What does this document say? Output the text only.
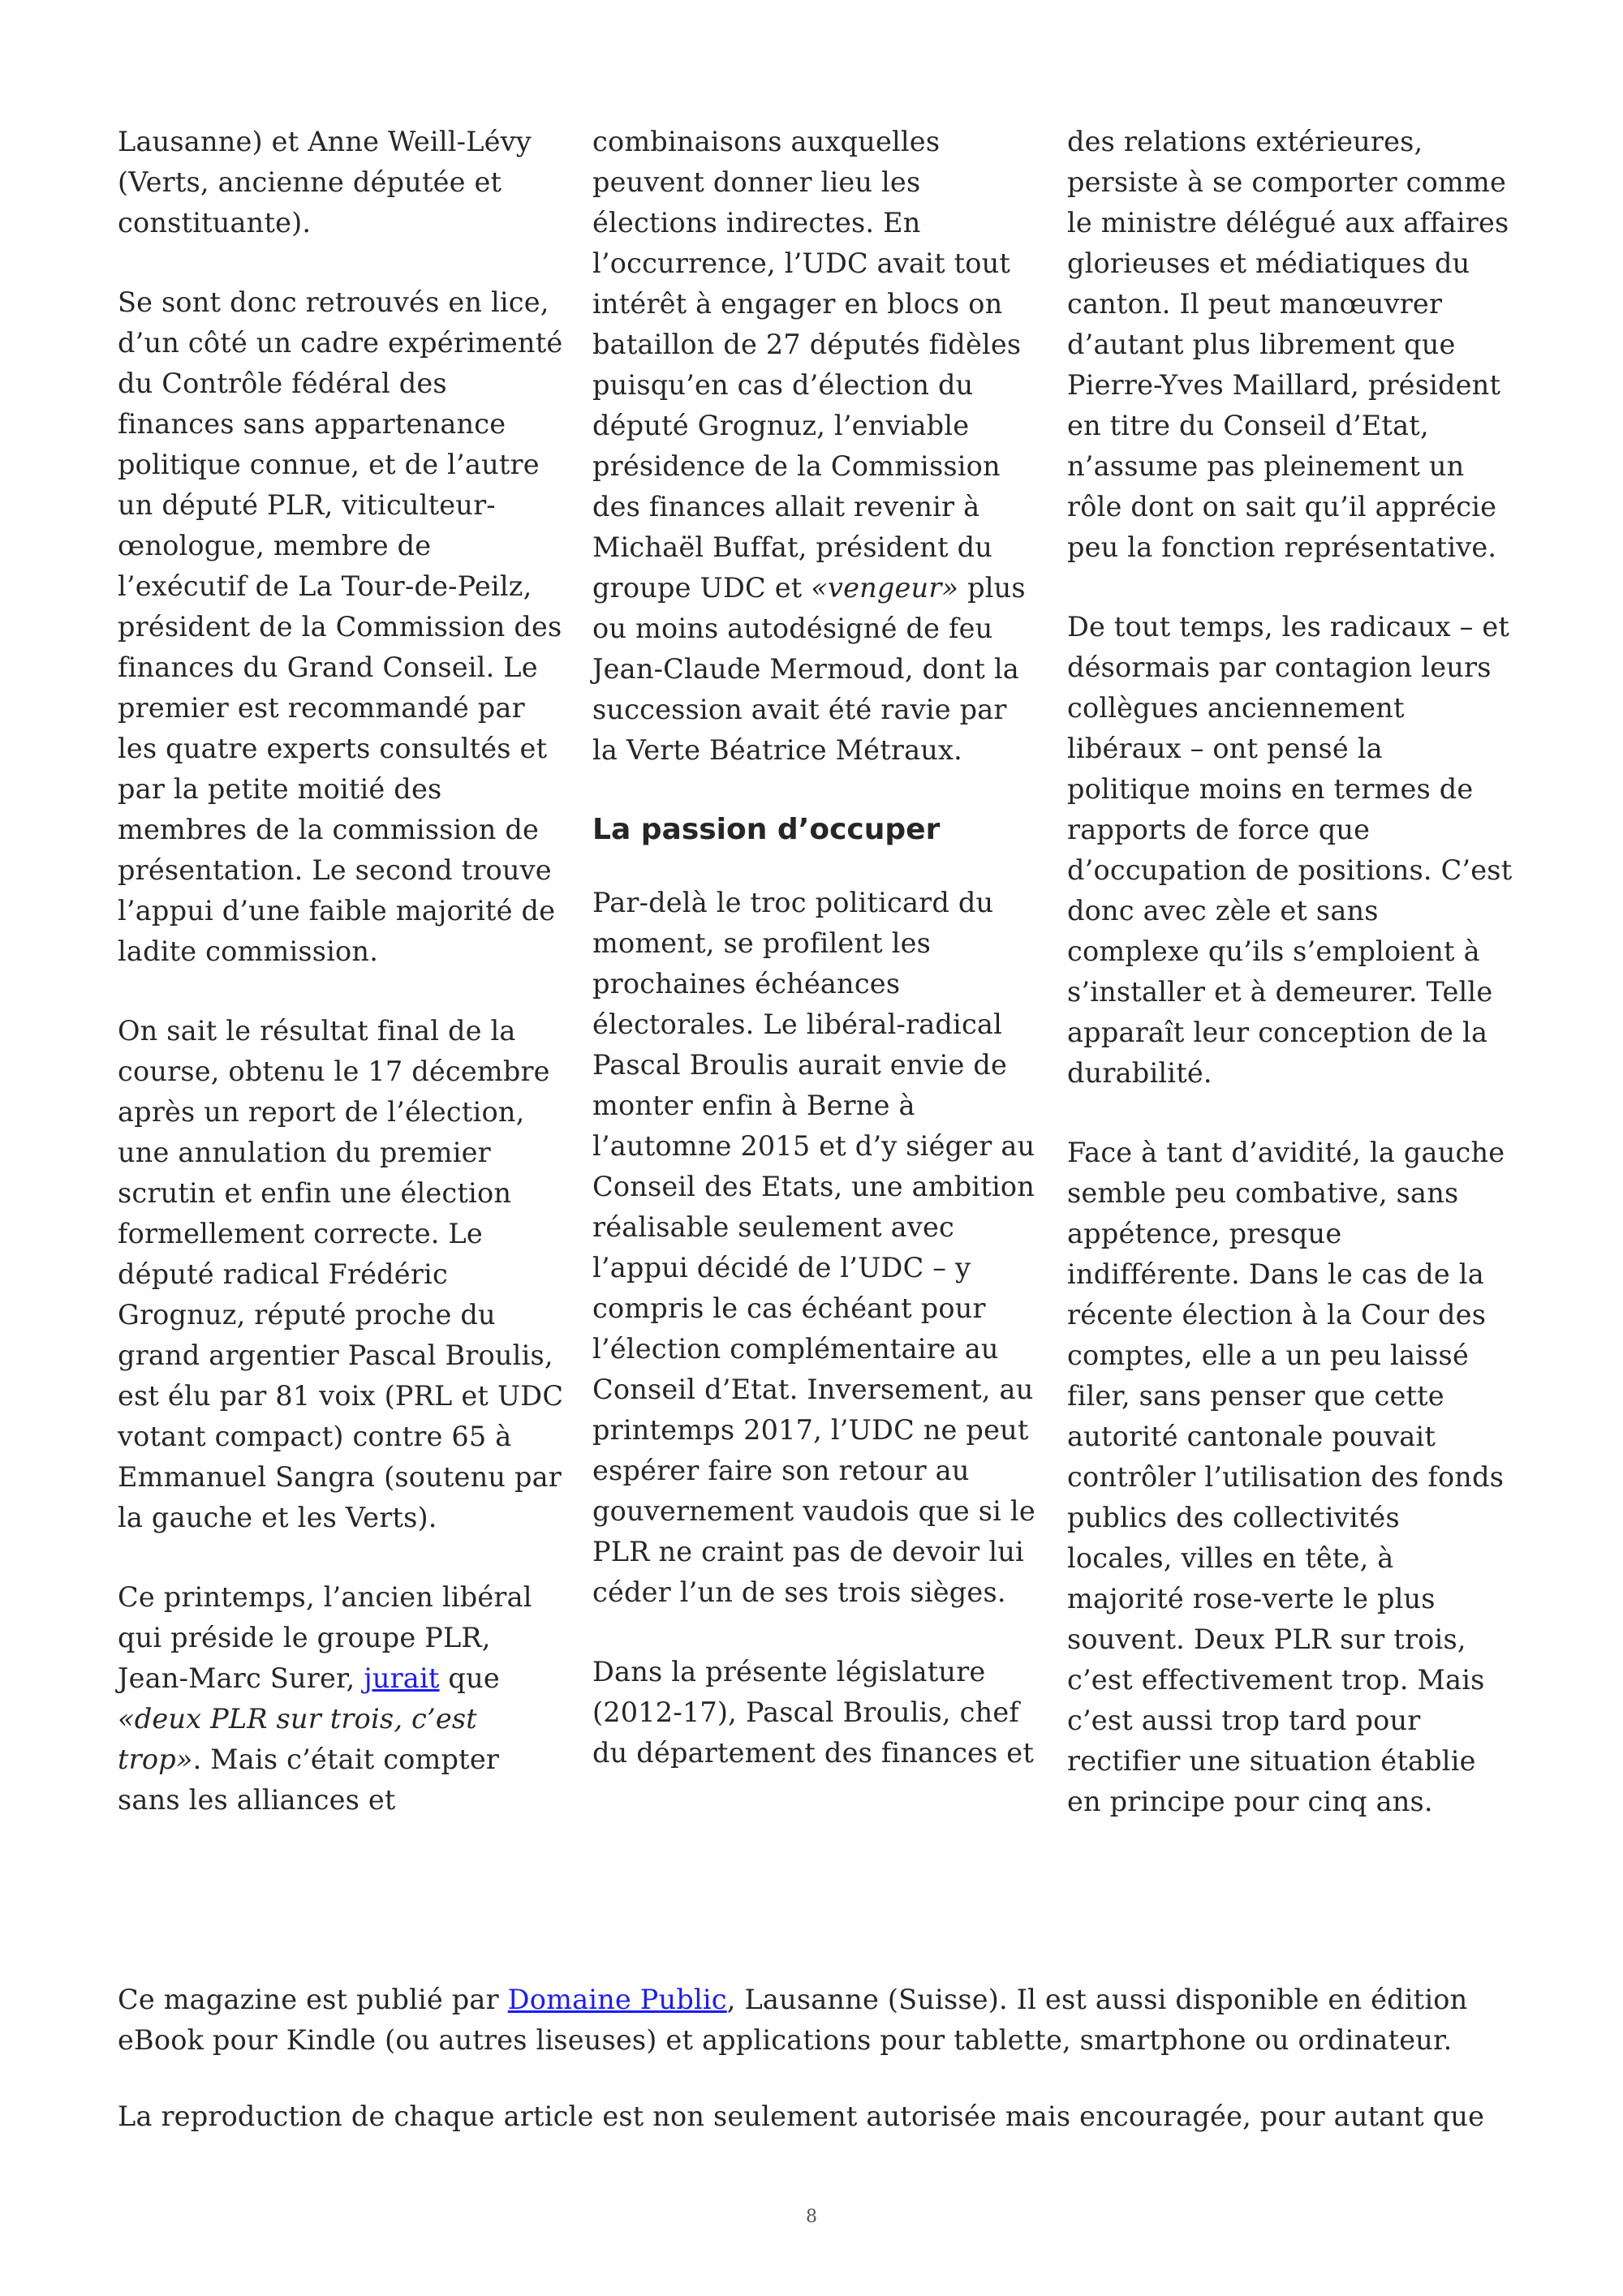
Lausanne) et Anne Weill-Lévy (Verts, ancienne députée et constituante).

Se sont donc retrouvés en lice, d’un côté un cadre expérimenté du Contrôle fédéral des finances sans appartenance politique connue, et de l’autre un député PLR, viticulteur-œnologue, membre de l’exécutif de La Tour-de-Peilz, président de la Commission des finances du Grand Conseil. Le premier est recommandé par les quatre experts consultés et par la petite moitié des membres de la commission de présentation. Le second trouve l’appui d’une faible majorité de ladite commission.

On sait le résultat final de la course, obtenu le 17 décembre après un report de l’élection, une annulation du premier scrutin et enfin une élection formellement correcte. Le député radical Frédéric Grognuz, réputé proche du grand argentier Pascal Broulis, est élu par 81 voix (PRL et UDC votant compact) contre 65 à Emmanuel Sangra (soutenu par la gauche et les Verts).

Ce printemps, l’ancien libéral qui préside le groupe PLR, Jean-Marc Surer, jurait que «deux PLR sur trois, c’est trop». Mais c’était compter sans les alliances et

combinaisons auxquelles peuvent donner lieu les élections indirectes. En l’occurrence, l’UDC avait tout intérêt à engager en blocs on bataillon de 27 députés fidèles puisqu’en cas d’élection du député Grognuz, l’enviable présidence de la Commission des finances allait revenir à Michaël Buffat, président du groupe UDC et «vengeur» plus ou moins autodésigné de feu Jean-Claude Mermoud, dont la succession avait été ravie par la Verte Béatrice Métraux.

La passion d’occuper

Par-delà le troc politicard du moment, se profilent les prochaines échéances électorales. Le libéral-radical Pascal Broulis aurait envie de monter enfin à Berne à l’automne 2015 et d’y siéger au Conseil des Etats, une ambition réalisable seulement avec l’appui décidé de l’UDC – y compris le cas échéant pour l’élection complémentaire au Conseil d’Etat. Inversement, au printemps 2017, l’UDC ne peut espérer faire son retour au gouvernement vaudois que si le PLR ne craint pas de devoir lui céder l’un de ses trois sièges.

Dans la présente législature (2012-17), Pascal Broulis, chef du département des finances et

des relations extérieures, persiste à se comporter comme le ministre délégué aux affaires glorieuses et médiatiques du canton. Il peut manœuvrer d’autant plus librement que Pierre-Yves Maillard, président en titre du Conseil d’Etat, n’assume pas pleinement un rôle dont on sait qu’il apprécie peu la fonction représentative.

De tout temps, les radicaux – et désormais par contagion leurs collègues anciennement libéraux – ont pensé la politique moins en termes de rapports de force que d’occupation de positions. C’est donc avec zèle et sans complexe qu’ils s’emploient à s’installer et à demeurer. Telle apparaît leur conception de la durabilité.

Face à tant d’avidité, la gauche semble peu combative, sans appétence, presque indifférente. Dans le cas de la récente élection à la Cour des comptes, elle a un peu laissé filer, sans penser que cette autorité cantonale pouvait contrôler l’utilisation des fonds publics des collectivités locales, villes en tête, à majorité rose-verte le plus souvent. Deux PLR sur trois, c’est effectivement trop. Mais c’est aussi trop tard pour rectifier une situation établie en principe pour cinq ans.

Ce magazine est publié par Domaine Public, Lausanne (Suisse). Il est aussi disponible en édition eBook pour Kindle (ou autres liseuses) et applications pour tablette, smartphone ou ordinateur.

La reproduction de chaque article est non seulement autorisée mais encouragée, pour autant que

8
